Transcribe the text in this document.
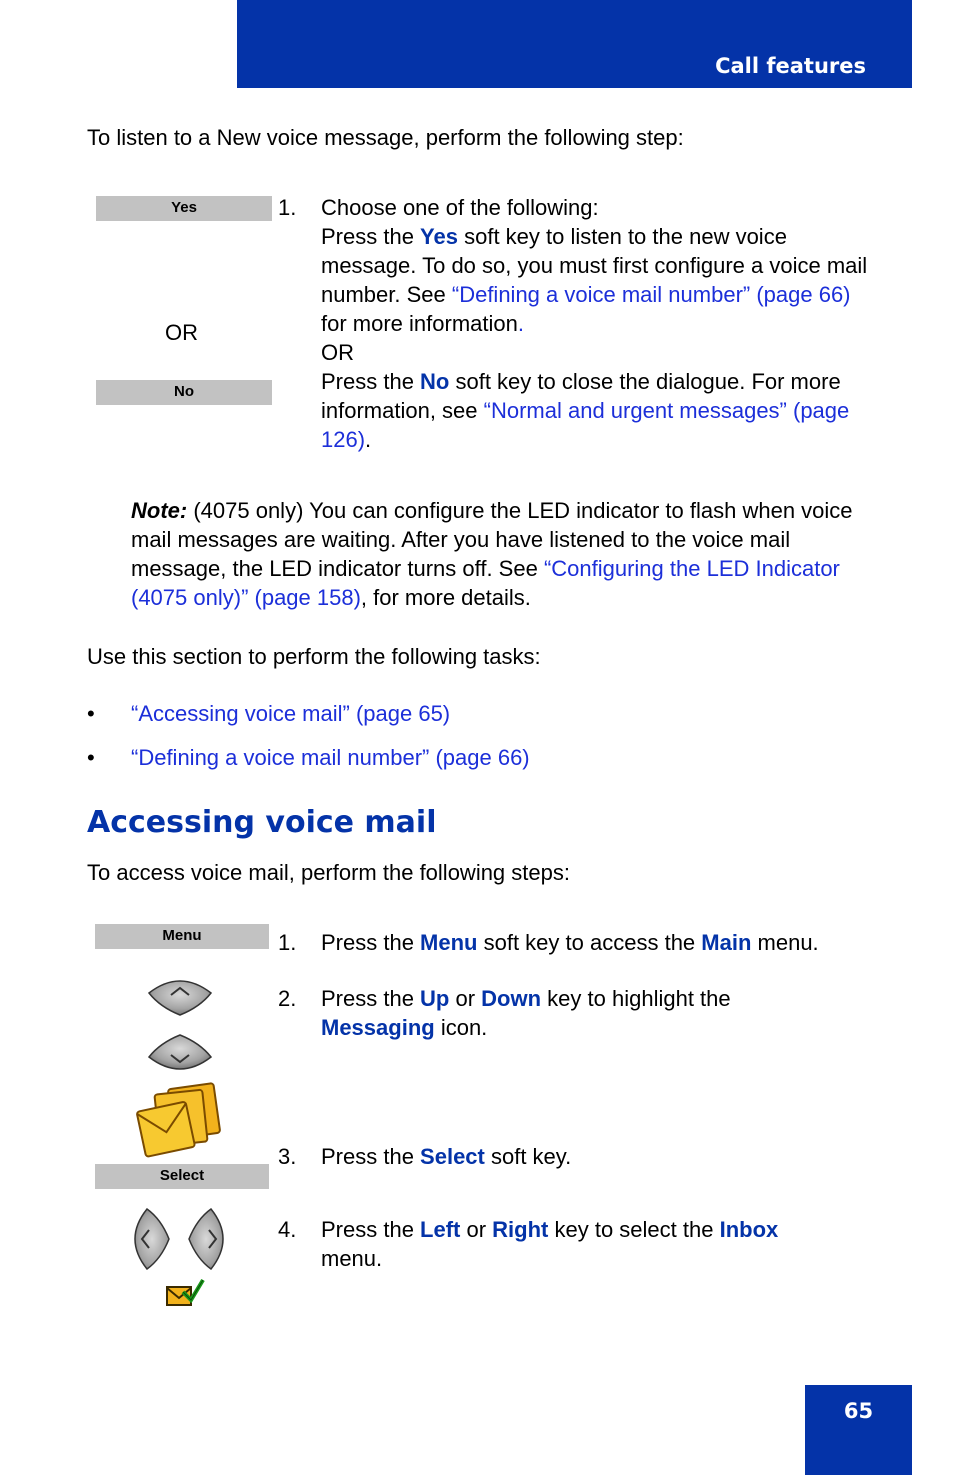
Call features
To listen to a New voice message, perform the following step:
Yes
OR
No
1. Choose one of the following:
Press the Yes soft key to listen to the new voice message. To do so, you must first configure a voice mail number. See “Defining a voice mail number” (page 66) for more information.
OR
Press the No soft key to close the dialogue. For more information, see “Normal and urgent messages” (page 126).
Note: (4075 only) You can configure the LED indicator to flash when voice mail messages are waiting. After you have listened to the voice mail message, the LED indicator turns off. See “Configuring the LED Indicator (4075 only)” (page 158), for more details.
Use this section to perform the following tasks:
• “Accessing voice mail” (page 65)
• “Defining a voice mail number” (page 66)
Accessing voice mail
To access voice mail, perform the following steps:
Menu
Select
1. Press the Menu soft key to access the Main menu.
2. Press the Up or Down key to highlight the Messaging icon.
3. Press the Select soft key.
4. Press the Left or Right key to select the Inbox menu.
65
